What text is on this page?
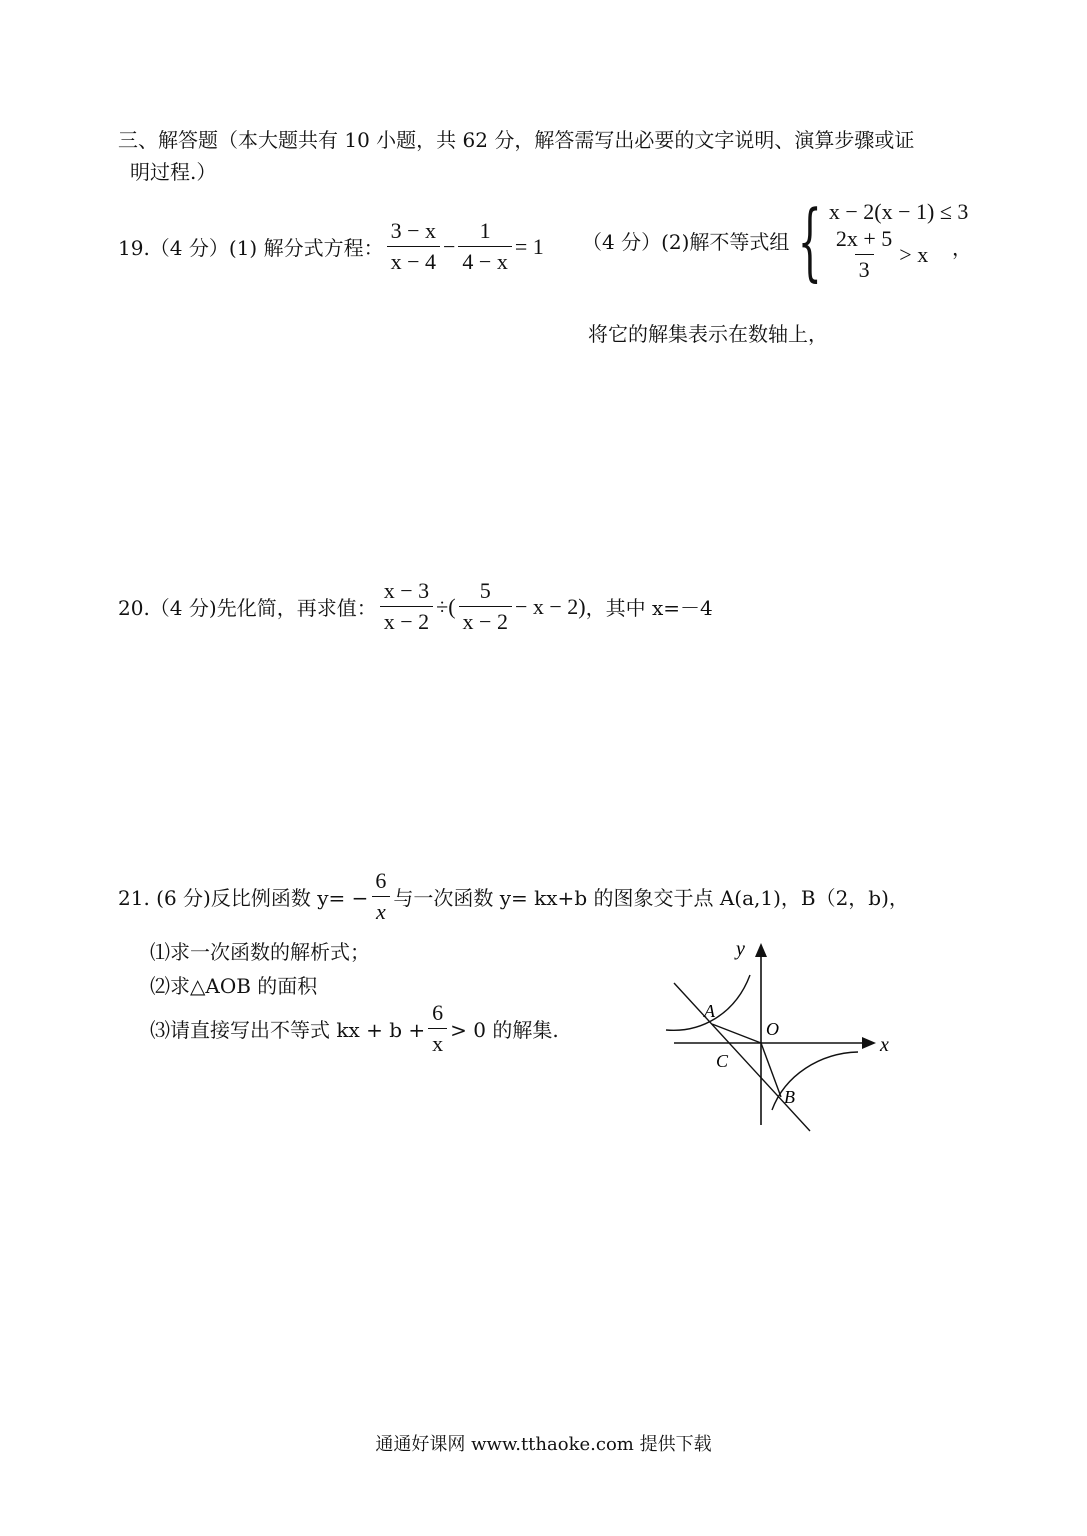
三、解答题（本大题共有 10 小题，共 62 分，解答需写出必要的文字说明、演算步骤或证
明过程.）
19.（4 分）(1) 解分式方程： $\frac{3 - x}{x - 4} - \frac{1}{4 - x} = 1$ （4 分）(2)解不等式组 { x − 2(x − 1) ≤ 3
$\frac{2x + 5}{3} > x$ ，
将它的解集表示在数轴上，
20.（4 分)先化简，再求值： $\frac{x - 3}{x - 2}$ ÷( $\frac{5}{x - 2} - x - 2$) ，其中 x=－4
21. (6 分)反比例函数 $y= - \frac{6}{x}$ 与一次函数 y= kx+b 的图象交于点 A(a,1)，B（2，b)，
⑴求一次函数的解析式；
⑵求△AOB 的面积
⑶请直接写出不等式 kx + $b + \frac{6}{x} > 0$ 的解集.
y
x
O
A
C
B
通通好课网 www.tthaoke.com 提供下载
